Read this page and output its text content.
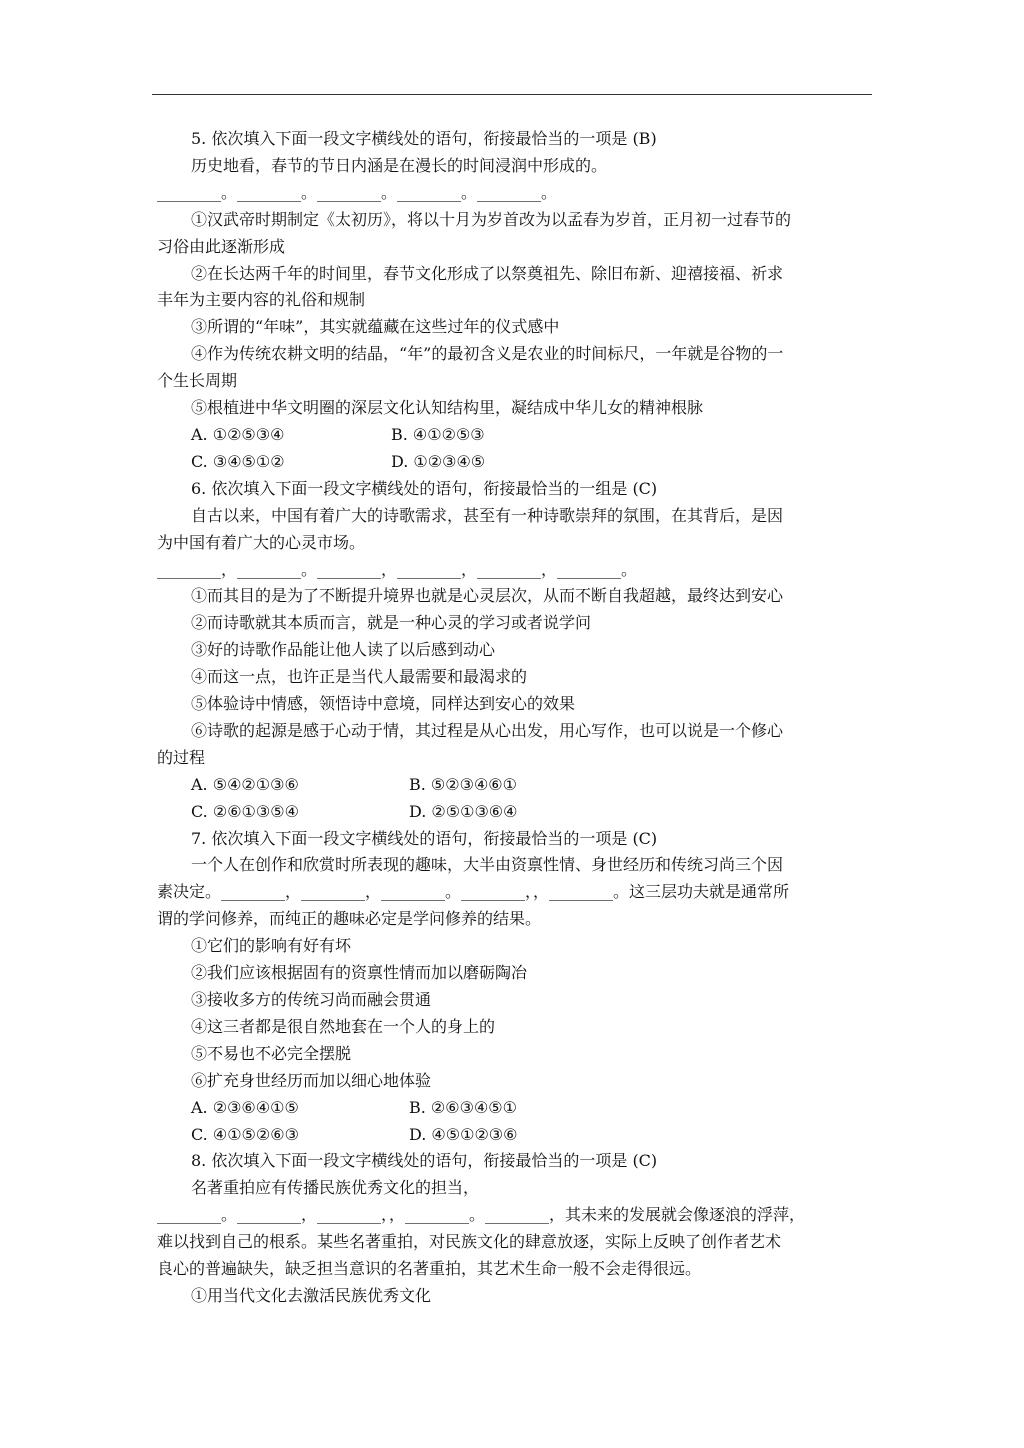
5. 依次填入下面一段文字横线处的语句，衔接最恰当的一项是 (B)
历史地看，春节的节日内涵是在漫长的时间浸润中形成的。
________。________。________。________。________。
①汉武帝时期制定《太初历》，将以十月为岁首改为以孟春为岁首，正月初一过春节的
习俗由此逐渐形成
②在长达两千年的时间里，春节文化形成了以祭奠祖先、除旧布新、迎禧接福、祈求
丰年为主要内容的礼俗和规制
③所谓的“年味”，其实就蕴藏在这些过年的仪式感中
④作为传统农耕文明的结晶，“年”的最初含义是农业的时间标尺，一年就是谷物的一
个生长周期
⑤根植进中华文明圈的深层文化认知结构里，凝结成中华儿女的精神根脉
A. ①②⑤③④	B. ④①②⑤③
C. ③④⑤①②	D. ①②③④⑤
6. 依次填入下面一段文字横线处的语句，衔接最恰当的一组是 (C)
自古以来，中国有着广大的诗歌需求，甚至有一种诗歌崇拜的氛围，在其背后，是因
为中国有着广大的心灵市场。
________，________。________，________，________，________。
①而其目的是为了不断提升境界也就是心灵层次，从而不断自我超越，最终达到安心
②而诗歌就其本质而言，就是一种心灵的学习或者说学问
③好的诗歌作品能让他人读了以后感到动心
④而这一点，也许正是当代人最需要和最渴求的
⑤体验诗中情感，领悟诗中意境，同样达到安心的效果
⑥诗歌的起源是感于心动于情，其过程是从心出发，用心写作，也可以说是一个修心
的过程
A. ⑤④②①③⑥	B. ⑤②③④⑥①
C. ②⑥①③⑤④	D. ②⑤①③⑥④
7. 依次填入下面一段文字横线处的语句，衔接最恰当的一项是 (C)
一个人在创作和欣赏时所表现的趣味，大半由资禀性情、身世经历和传统习尚三个因
素决定。________，________，________。________，，________。这三层功夫就是通常所
谓的学问修养，而纯正的趣味必定是学问修养的结果。
①它们的影响有好有坏
②我们应该根据固有的资禀性情而加以磨砺陶冶
③接收多方的传统习尚而融会贯通
④这三者都是很自然地套在一个人的身上的
⑤不易也不必完全摆脱
⑥扩充身世经历而加以细心地体验
A. ②③⑥④①⑤	B. ②⑥③④⑤①
C. ④①⑤②⑥③	D. ④⑤①②③⑥
8. 依次填入下面一段文字横线处的语句，衔接最恰当的一项是 (C)
名著重拍应有传播民族优秀文化的担当，
________。________，________，，________。________，其未来的发展就会像逐浪的浮萍，
难以找到自己的根系。某些名著重拍，对民族文化的肆意放逐，实际上反映了创作者艺术
良心的普遍缺失，缺乏担当意识的名著重拍，其艺术生命一般不会走得很远。
①用当代文化去激活民族优秀文化
